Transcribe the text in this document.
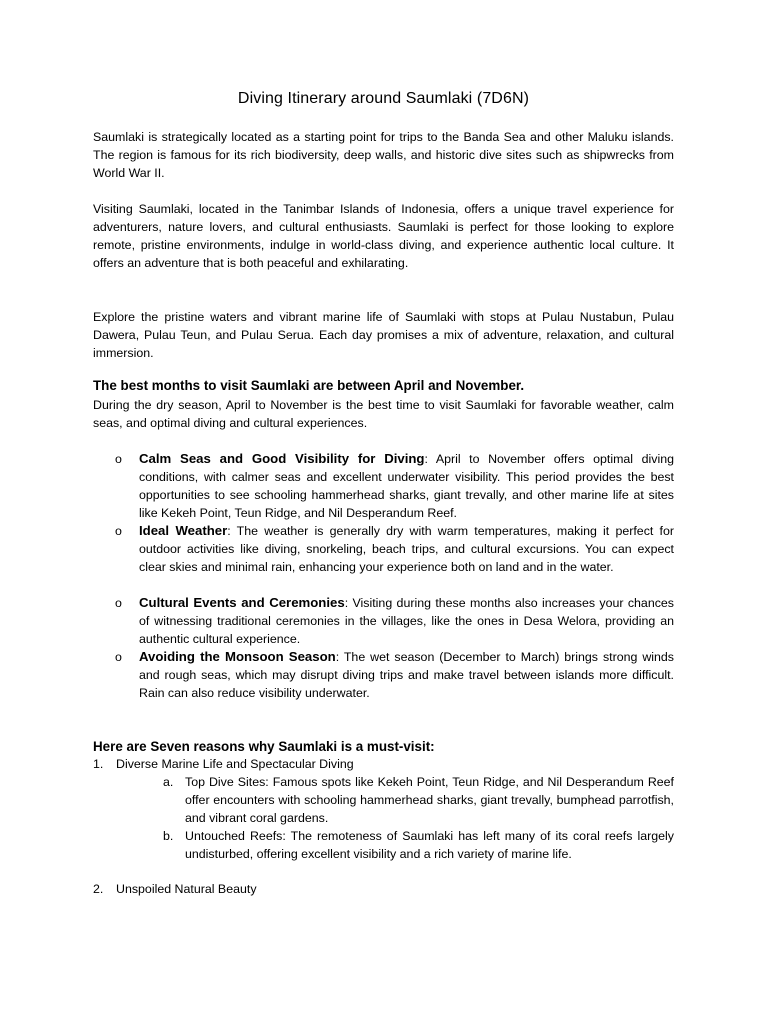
Diving Itinerary around Saumlaki (7D6N)

Saumlaki is strategically located as a starting point for trips to the Banda Sea and other Maluku islands. The region is famous for its rich biodiversity, deep walls, and historic dive sites such as shipwrecks from World War II.

Visiting Saumlaki, located in the Tanimbar Islands of Indonesia, offers a unique travel experience for adventurers, nature lovers, and cultural enthusiasts. Saumlaki is perfect for those looking to explore remote, pristine environments, indulge in world-class diving, and experience authentic local culture. It offers an adventure that is both peaceful and exhilarating.

Explore the pristine waters and vibrant marine life of Saumlaki with stops at Pulau Nustabun, Pulau Dawera, Pulau Teun, and Pulau Serua. Each day promises a mix of adventure, relaxation, and cultural immersion.

The best months to visit Saumlaki are between April and November.

During the dry season, April to November is the best time to visit Saumlaki for favorable weather, calm seas, and optimal diving and cultural experiences.

o Calm Seas and Good Visibility for Diving: April to November offers optimal diving conditions, with calmer seas and excellent underwater visibility. This period provides the best opportunities to see schooling hammerhead sharks, giant trevally, and other marine life at sites like Kekeh Point, Teun Ridge, and Nil Desperandum Reef.

o Ideal Weather: The weather is generally dry with warm temperatures, making it perfect for outdoor activities like diving, snorkeling, beach trips, and cultural excursions. You can expect clear skies and minimal rain, enhancing your experience both on land and in the water.

o Cultural Events and Ceremonies: Visiting during these months also increases your chances of witnessing traditional ceremonies in the villages, like the ones in Desa Welora, providing an authentic cultural experience.

o Avoiding the Monsoon Season: The wet season (December to March) brings strong winds and rough seas, which may disrupt diving trips and make travel between islands more difficult. Rain can also reduce visibility underwater.

Here are Seven reasons why Saumlaki is a must-visit:
1. Diverse Marine Life and Spectacular Diving
a. Top Dive Sites: Famous spots like Kekeh Point, Teun Ridge, and Nil Desperandum Reef offer encounters with schooling hammerhead sharks, giant trevally, bumphead parrotfish, and vibrant coral gardens.

b. Untouched Reefs: The remoteness of Saumlaki has left many of its coral reefs largely undisturbed, offering excellent visibility and a rich variety of marine life.

2. Unspoiled Natural Beauty
